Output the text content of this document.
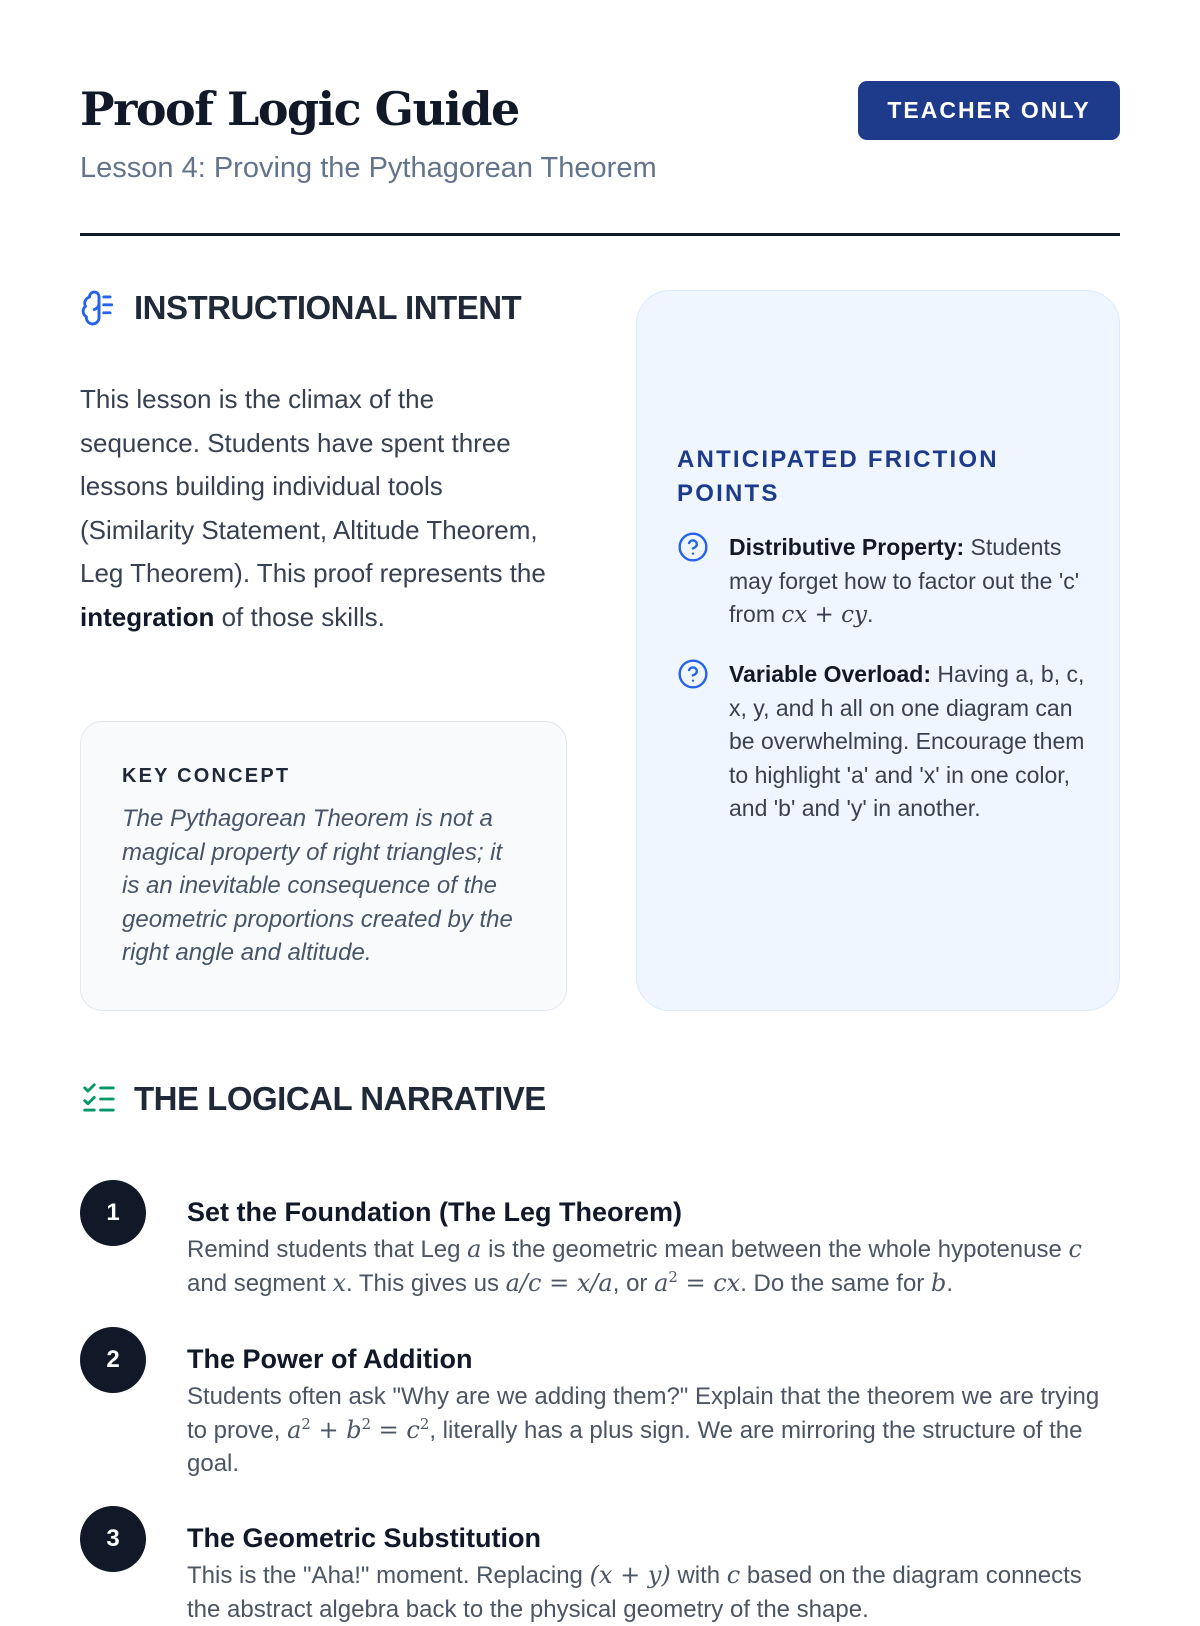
Proof Logic Guide
Lesson 4: Proving the Pythagorean Theorem
TEACHER ONLY
INSTRUCTIONAL INTENT

This lesson is the climax of the sequence. Students have spent three lessons building individual tools (Similarity Statement, Altitude Theorem, Leg Theorem). This proof represents the integration of those skills.

KEY CONCEPT
The Pythagorean Theorem is not a magical property of right triangles; it is an inevitable consequence of the geometric proportions created by the right angle and altitude.
ANTICIPATED FRICTION POINTS
Distributive Property: Students may forget how to factor out the 'c' from cx + cy.
Variable Overload: Having a, b, c, x, y, and h all on one diagram can be overwhelming. Encourage them to highlight 'a' and 'x' in one color, and 'b' and 'y' in another.
THE LOGICAL NARRATIVE
1	Set the Foundation (The Leg Theorem)
Remind students that Leg a is the geometric mean between the whole hypotenuse c and segment x. This gives us a/c = x/a, or $a^2$ = cx. Do the same for b.
2	The Power of Addition
Students often ask "Why are we adding them?" Explain that the theorem we are trying to prove, $a^2 + b^2 = c^2$, literally has a plus sign. We are mirroring the structure of the goal.
3	The Geometric Substitution
This is the "Aha!" moment. Replacing (x + y) with c based on the diagram connects the abstract algebra back to the physical geometry of the shape.
